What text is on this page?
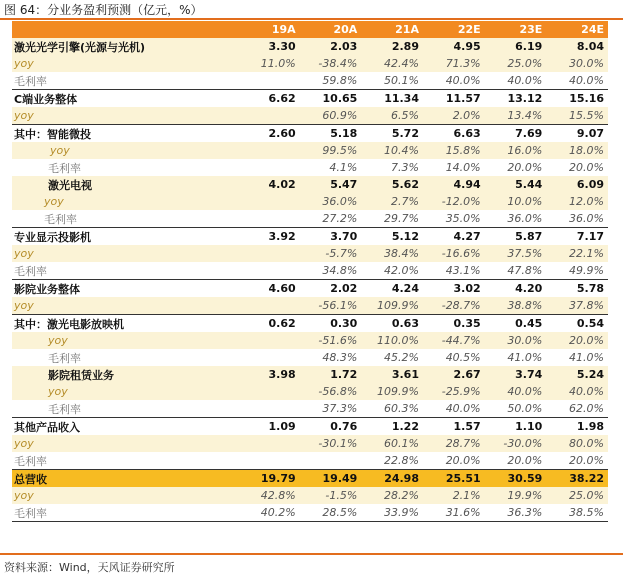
图 64：分业务盈利预测（亿元，%）
	19A	20A	21A	22E	23E	24E
激光光学引擎(光源与光机)	3.30	2.03	2.89	4.95	6.19	8.04
yoy	11.0%	-38.4%	42.4%	71.3%	25.0%	30.0%
毛利率		59.8%	50.1%	40.0%	40.0%	40.0%
C端业务整体	6.62	10.65	11.34	11.57	13.12	15.16
yoy		60.9%	6.5%	2.0%	13.4%	15.5%
其中：智能微投	2.60	5.18	5.72	6.63	7.69	9.07
yoy		99.5%	10.4%	15.8%	16.0%	18.0%
毛利率		4.1%	7.3%	14.0%	20.0%	20.0%
激光电视	4.02	5.47	5.62	4.94	5.44	6.09
yoy		36.0%	2.7%	-12.0%	10.0%	12.0%
毛利率		27.2%	29.7%	35.0%	36.0%	36.0%
专业显示投影机	3.92	3.70	5.12	4.27	5.87	7.17
yoy		-5.7%	38.4%	-16.6%	37.5%	22.1%
毛利率		34.8%	42.0%	43.1%	47.8%	49.9%
影院业务整体	4.60	2.02	4.24	3.02	4.20	5.78
yoy		-56.1%	109.9%	-28.7%	38.8%	37.8%
其中：激光电影放映机	0.62	0.30	0.63	0.35	0.45	0.54
yoy		-51.6%	110.0%	-44.7%	30.0%	20.0%
毛利率		48.3%	45.2%	40.5%	41.0%	41.0%
影院租赁业务	3.98	1.72	3.61	2.67	3.74	5.24
yoy		-56.8%	109.9%	-25.9%	40.0%	40.0%
毛利率		37.3%	60.3%	40.0%	50.0%	62.0%
其他产品收入	1.09	0.76	1.22	1.57	1.10	1.98
yoy		-30.1%	60.1%	28.7%	-30.0%	80.0%
毛利率			22.8%	20.0%	20.0%	20.0%
总营收	19.79	19.49	24.98	25.51	30.59	38.22
yoy	42.8%	-1.5%	28.2%	2.1%	19.9%	25.0%
毛利率	40.2%	28.5%	33.9%	31.6%	36.3%	38.5%
资料来源：Wind，天风证券研究所
